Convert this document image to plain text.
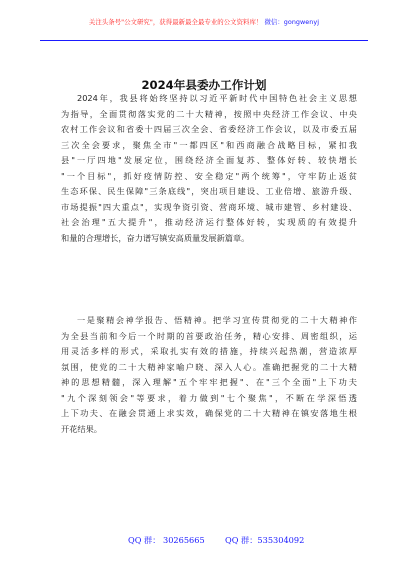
关注头条号"公文研究"，获得最新最全最专业的公文资料库！ 微信：gongwenyj
2024年县委办工作计划
2024年，我县将始终坚持以习近平新时代中国特色社会主义思想
为指导，全面贯彻落实党的二十大精神，按照中央经济工作会议、中央
农村工作会议和省委十四届三次全会、省委经济工作会议，以及市委五届
三次全会要求，聚焦全市"一都四区"和西商融合战略目标，紧扣我
县"一厅四地"发展定位，围绕经济全面复苏、整体好转、较快增长
"一个目标"，抓好疫情防控、安全稳定"两个统筹"，守牢防止返贫
生态环保、民生保障"三条底线"，突出项目建设、工业倍增、旅游升级、
市场提振"四大重点"，实现争资引资、营商环境、城市建管、乡村建设、
社会治理"五大提升"，推动经济运行整体好转，实现质的有效提升
和量的合理增长，奋力谱写镇安高质量发展新篇章。
一是聚精会神学报告、悟精神。把学习宣传贯彻党的二十大精神作
为全县当前和今后一个时期的首要政治任务，精心安排、周密组织，运
用灵活多样的形式，采取扎实有效的措施，持续兴起热潮，营造浓厚
氛围，使党的二十大精神家喻户晓、深入人心。准确把握党的二十大精
神的思想精髓，深入理解"五个牢牢把握"、在"三个全面"上下功夫
"九个深刻领会"等要求，着力做到"七个聚焦"，不断在学深悟透
上下功夫、在融会贯通上求实效，确保党的二十大精神在镇安落地生根
开花结果。
QQ 群： 30265665 QQ 群：535304092
